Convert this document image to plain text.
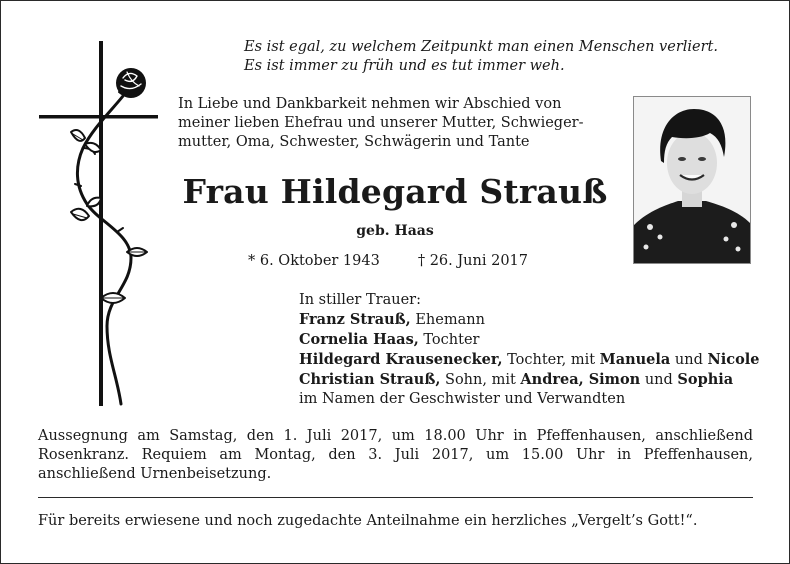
Es ist egal, zu welchem Zeitpunkt man einen Menschen verliert.
Es ist immer zu früh und es tut immer weh.
In Liebe und Dankbarkeit nehmen wir Abschied von
meiner lieben Ehefrau und unserer Mutter, Schwieger-
mutter, Oma, Schwester, Schwägerin und Tante
Frau Hildegard Strauß
geb. Haas
* 6. Oktober 1943	† 26. Juni 2017
In stiller Trauer:
Franz Strauß, Ehemann
Cornelia Haas, Tochter
Hildegard Krausenecker, Tochter, mit Manuela und Nicole
Christian Strauß, Sohn, mit Andrea, Simon und Sophia
im Namen der Geschwister und Verwandten
Aussegnung am Samstag, den 1. Juli 2017, um 18.00 Uhr in Pfeffenhausen, anschließend Rosenkranz. Requiem am Montag, den 3. Juli 2017, um 15.00 Uhr in Pfeffenhausen, anschließend Urnenbeisetzung.
Für bereits erwiesene und noch zugedachte Anteilnahme ein herzliches „Vergelt’s Gott!“.
